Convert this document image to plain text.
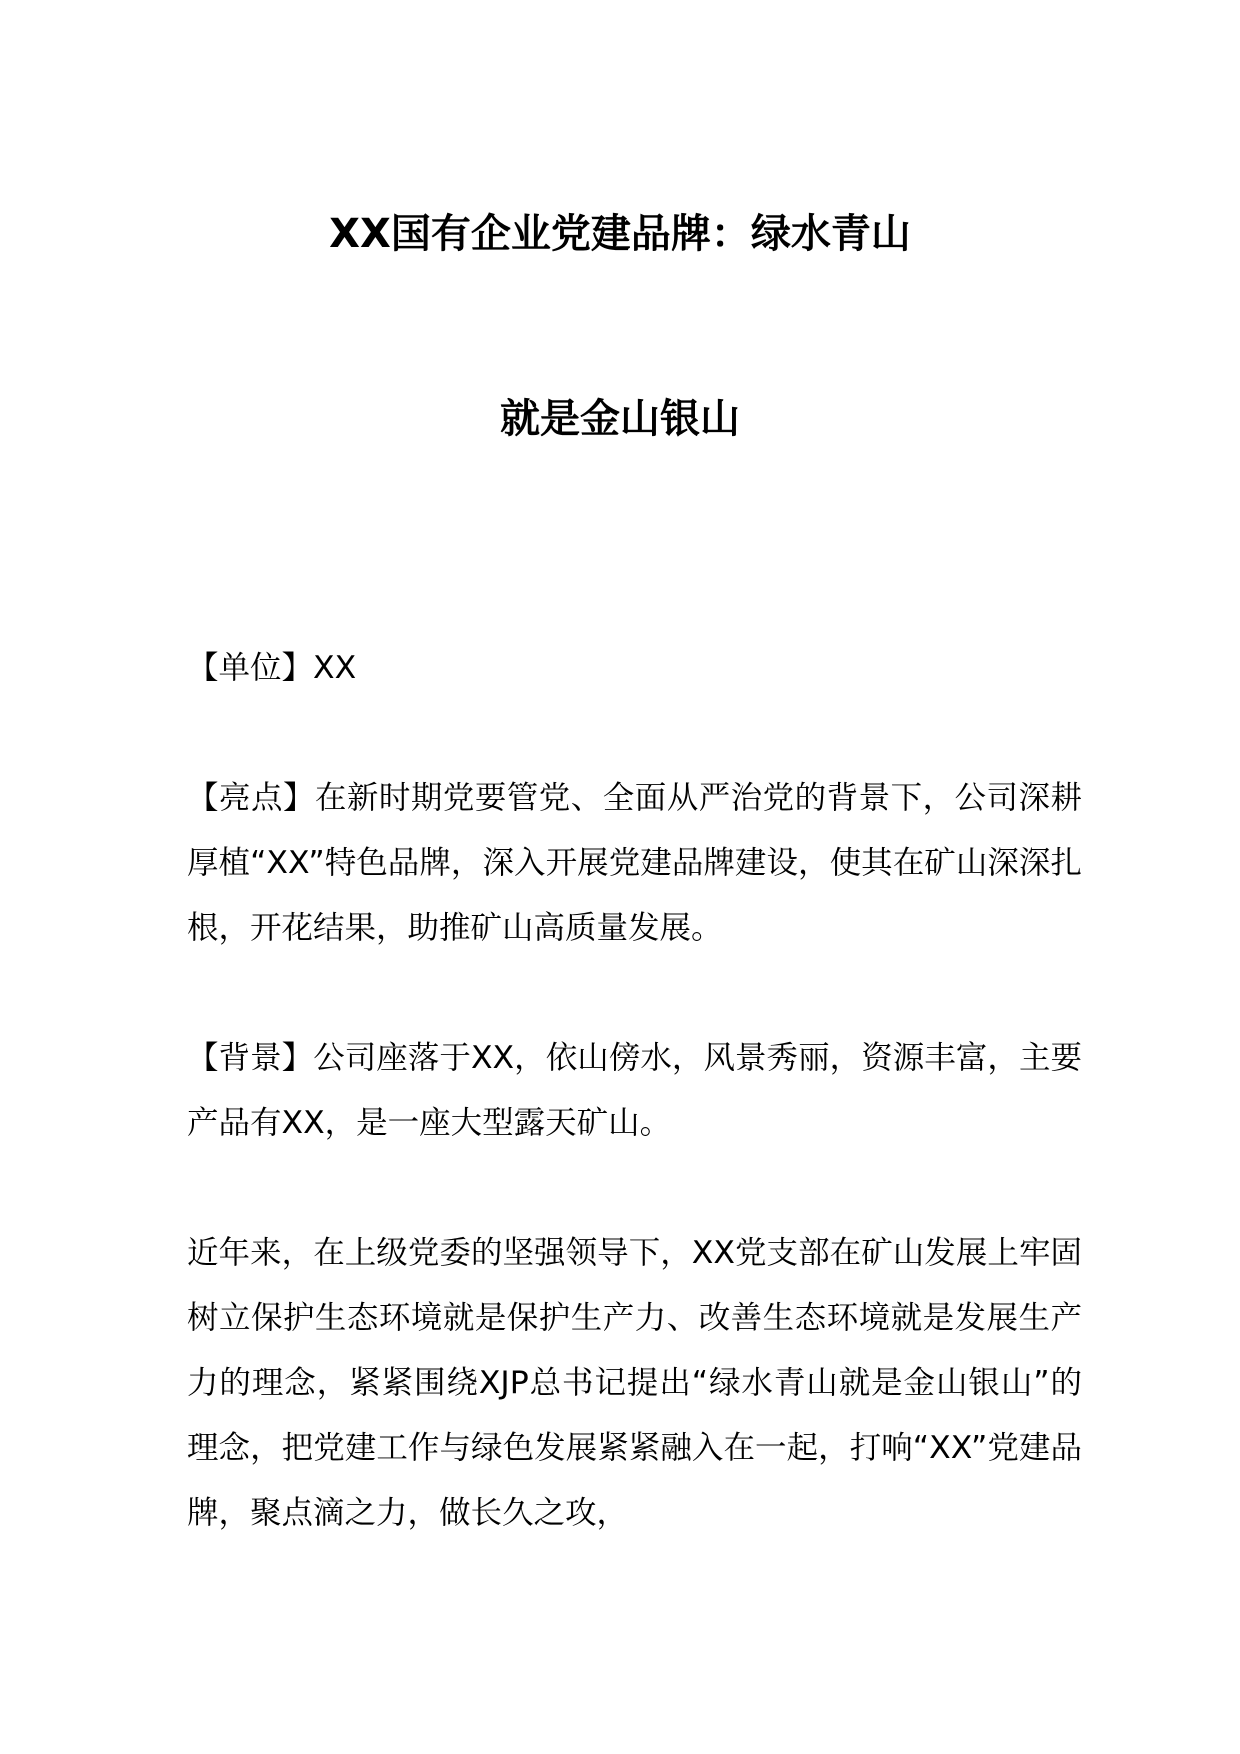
XX国有企业党建品牌：绿水青山
就是金山银山

【单位】XX

【亮点】在新时期党要管党、全面从严治党的背景下，公司深耕厚植“XX”特色品牌，深入开展党建品牌建设，使其在矿山深深扎根，开花结果，助推矿山高质量发展。

【背景】公司座落于XX，依山傍水，风景秀丽，资源丰富，主要产品有XX，是一座大型露天矿山。

近年来，在上级党委的坚强领导下，XX党支部在矿山发展上牢固树立保护生态环境就是保护生产力、改善生态环境就是发展生产力的理念，紧紧围绕XJP总书记提出“绿水青山就是金山银山”的理念，把党建工作与绿色发展紧紧融入在一起，打响“XX”党建品牌，聚点滴之力，做长久之攻，
